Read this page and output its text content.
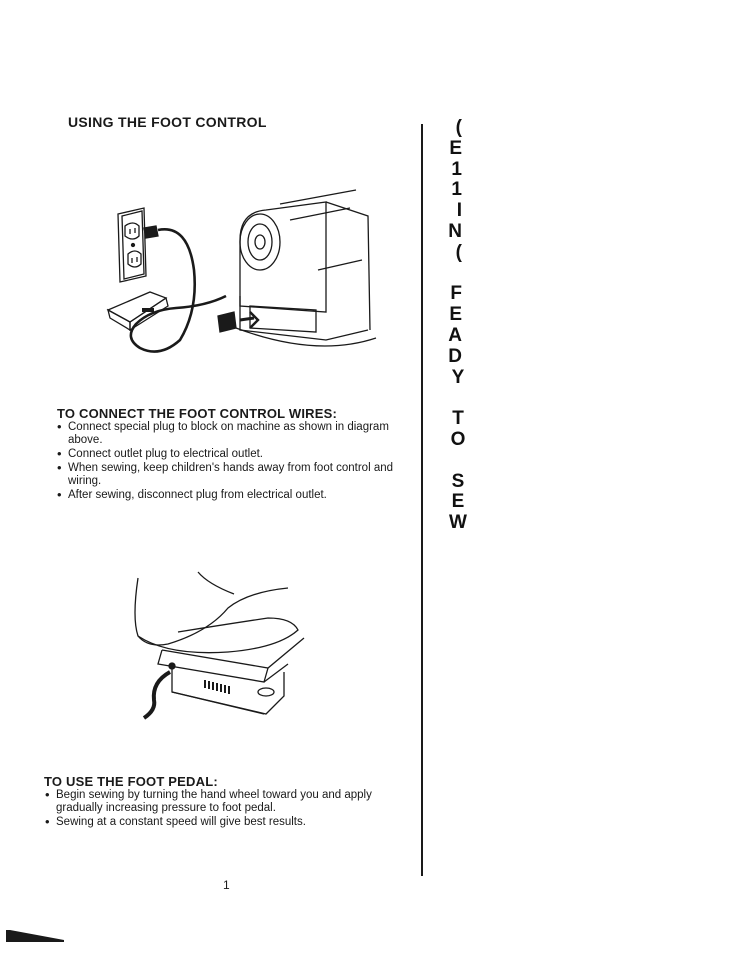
USING THE FOOT CONTROL
TO CONNECT THE FOOT CONTROL WIRES:
• Connect special plug to block on machine as shown in diagram above.
• Connect outlet plug to electrical outlet.
• When sewing, keep children's hands away from foot control and wiring.
• After sewing, disconnect plug from electrical outlet.
TO USE THE FOOT PEDAL:
• Begin sewing by turning the hand wheel toward you and apply gradually increasing pressure to foot pedal.
• Sewing at a constant speed will give best results.
(
E
1
1
I
N
(
F
E
A
D
Y
T
O
S
E
W
1
